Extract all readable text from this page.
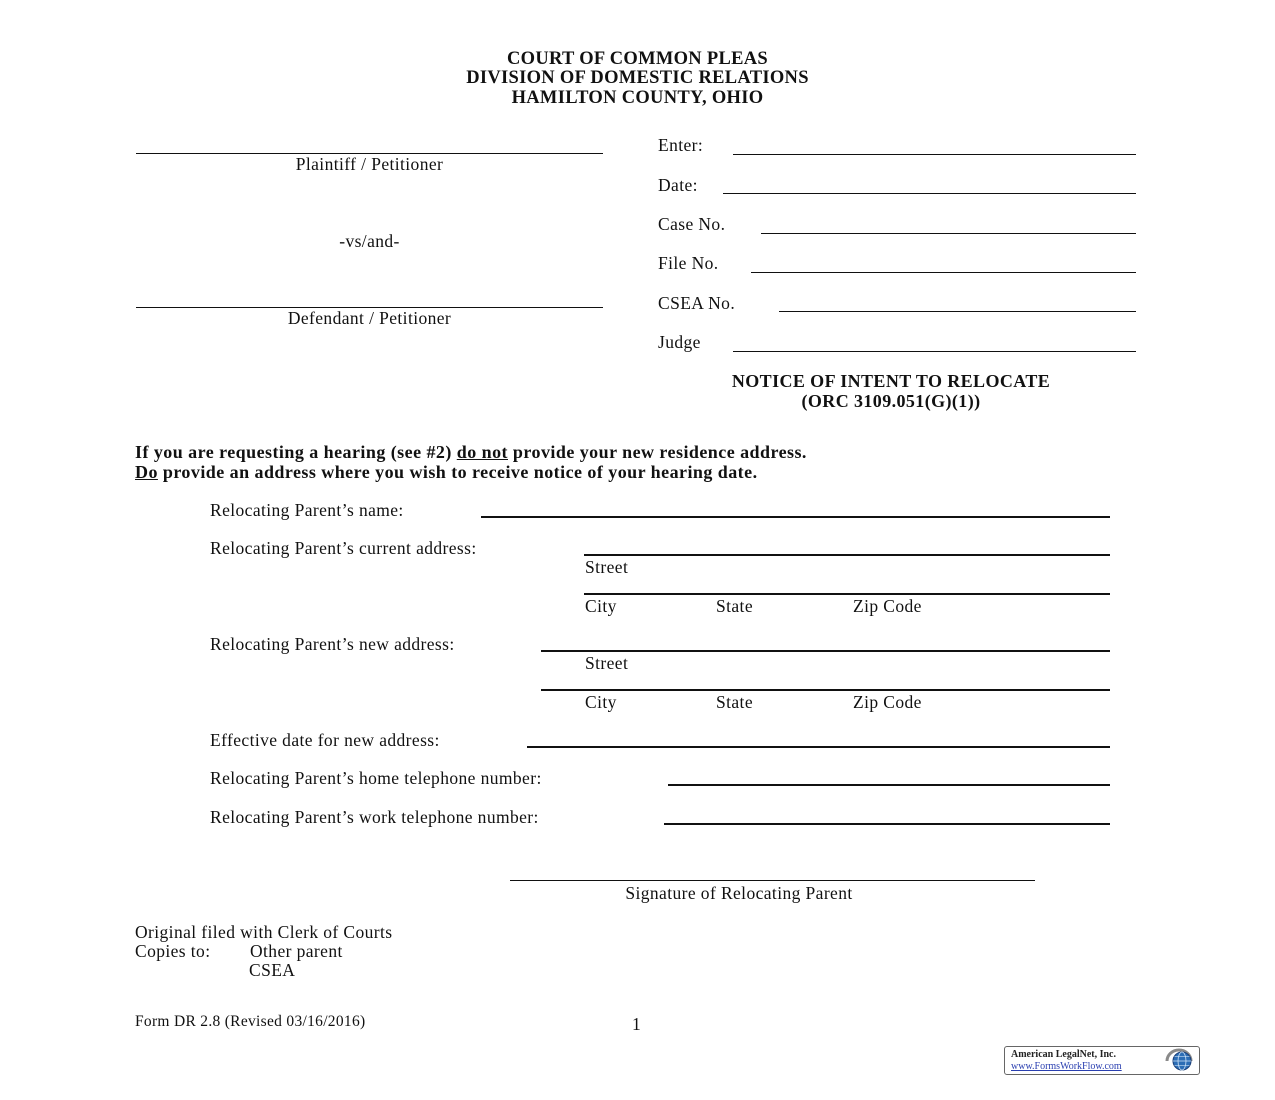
COURT OF COMMON PLEAS
DIVISION OF DOMESTIC RELATIONS
HAMILTON COUNTY, OHIO
Plaintiff / Petitioner
-vs/and-
Defendant / Petitioner
Enter:
Date:
Case No.
File No.
CSEA No.
Judge
NOTICE OF INTENT TO RELOCATE
(ORC 3109.051(G)(1))
If you are requesting a hearing (see #2) do not provide your new residence address.
Do provide an address where you wish to receive notice of your hearing date.
Relocating Parent’s name:
Relocating Parent’s current address:
Street
City	State	Zip Code
Relocating Parent’s new address:
Street
City	State	Zip Code
Effective date for new address:
Relocating Parent’s home telephone number:
Relocating Parent’s work telephone number:
Signature of Relocating Parent
Original filed with Clerk of Courts
Copies to: Other parent
CSEA
Form DR 2.8 (Revised 03/16/2016)	1
American LegalNet, Inc.
www.FormsWorkFlow.com
